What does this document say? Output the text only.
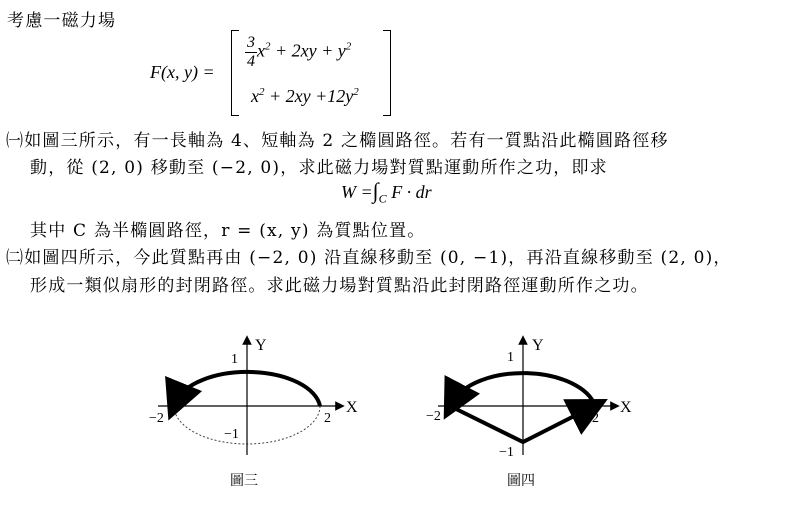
考慮一磁力場
F(x, y) =
$\frac{3}{4} x^2 + 2xy + y^2$
$x^2 + 2xy +12y^2$
㈠如圖三所示，有一長軸為 4、短軸為 2 之橢圓路徑。若有一質點沿此橢圓路徑移
動，從 (2, 0) 移動至 (−2, 0)，求此磁力場對質點運動所作之功，即求
$W =\int_C$ F · dr
其中 C 為半橢圓路徑，r = (x, y) 為質點位置。
㈡如圖四所示，今此質點再由 (−2, 0) 沿直線移動至 (0, −1)，再沿直線移動至 (2, 0)，
形成一類似扇形的封閉路徑。求此磁力場對質點沿此封閉路徑運動所作之功。
Y
X
1
−1
−2	2
圖三
Y
X
1
−1
−2	2
圖四
